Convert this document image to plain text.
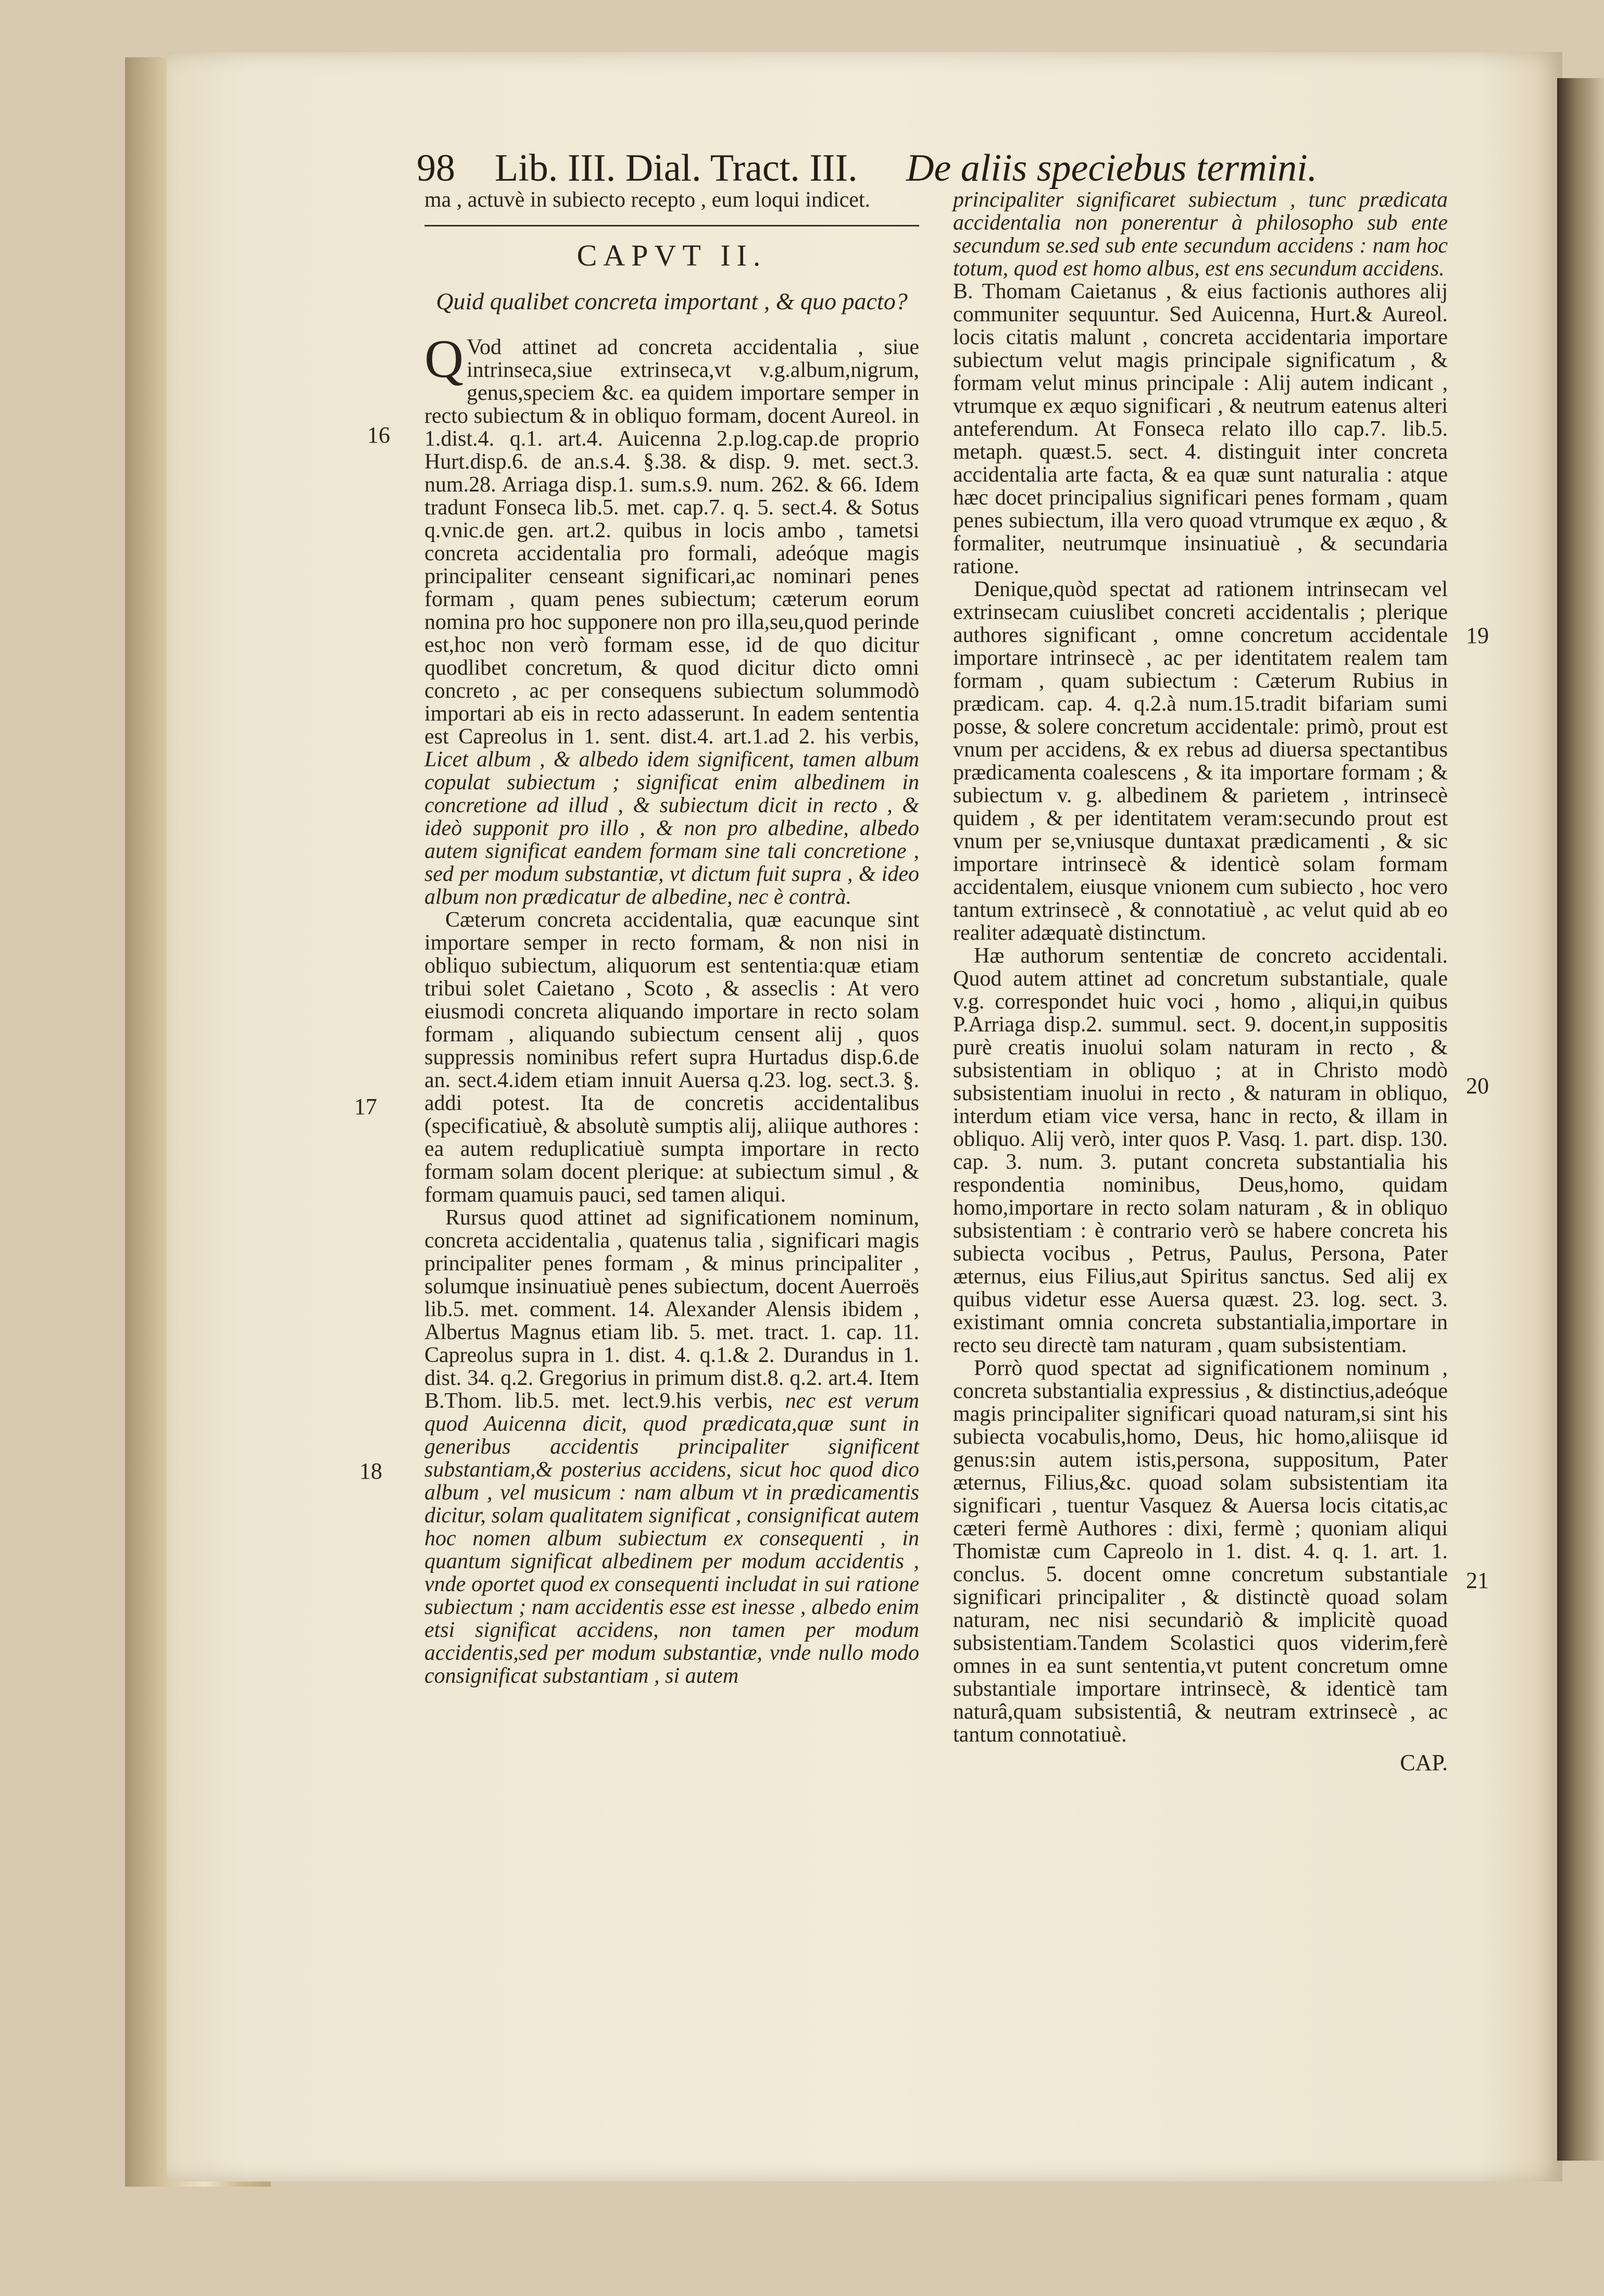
98 Lib. III. Dial. Tract. III. De aliis speciebus termini.

ma , actuvè in subiecto recepto , eum loqui indicet.

CAPVT II.
Quid qualibet concreta important , & quo pacto?

Q Vod attinet ad concreta accidentalia , siue intrinseca,siue extrinseca,vt v.g.album,nigrum, genus,speciem &c. ea quidem importare semper in recto subiectum & in obliquo formam, docent Aureol. in 1.dist.4. q.1. art.4. Auicenna 2.p.log.cap.de proprio Hurt.disp.6. de an.s.4. §.38. & disp. 9. met. sect.3. num.28. Arriaga disp.1. sum.s.9. num. 262. & 66. Idem tradunt Fonseca lib.5. met. cap.7. q. 5. sect.4. & Sotus q.vnic.de gen. art.2. quibus in locis ambo , tametsi concreta accidentalia pro formali, adeóque magis principaliter censeant significari,ac nominari penes formam , quam penes subiectum; cæterum eorum nomina pro hoc supponere non pro illa,seu,quod perinde est,hoc non verò formam esse, id de quo dicitur quodlibet concretum, & quod dicitur dicto omni concreto , ac per consequens subiectum solummodò importari ab eis in recto adasserunt. In eadem sententia est Capreolus in 1. sent. dist.4. art.1.ad 2. his verbis, Licet album , & albedo idem significent, tamen album copulat subiectum ; significat enim albedinem in concretione ad illud , & subiectum dicit in recto , & ideò supponit pro illo , & non pro albedine, albedo autem significat eandem formam sine tali concretione , sed per modum substantiæ, vt dictum fuit supra , & ideo album non prædicatur de albedine, nec è contrà.

Cæterum concreta accidentalia, quæ eacunque sint importare semper in recto formam, & non nisi in obliquo subiectum, aliquorum est sententia:quæ etiam tribui solet Caietano , Scoto , & asseclis : At vero eiusmodi concreta aliquando importare in recto solam formam , aliquando subiectum censent alij , quos suppressis nominibus refert supra Hurtadus disp.6.de an. sect.4.idem etiam innuit Auersa q.23. log. sect.3. §. addi potest. Ita de concretis accidentalibus (specificatiuè, & absolutè sumptis alij, aliique authores : ea autem reduplicatiuè sumpta importare in recto formam solam docent plerique: at subiectum simul , & formam quamuis pauci, sed tamen aliqui.

Rursus quod attinet ad significationem nominum, concreta accidentalia , quatenus talia , significari magis principaliter penes formam , & minus principaliter , solumque insinuatiuè penes subiectum, docent Auerroës lib.5. met. comment. 14. Alexander Alensis ibidem , Albertus Magnus etiam lib. 5. met. tract. 1. cap. 11. Capreolus supra in 1. dist. 4. q.1.& 2. Durandus in 1. dist. 34. q.2. Gregorius in primum dist.8. q.2. art.4. Item B.Thom. lib.5. met. lect.9.his verbis, nec est verum quod Auicenna dicit, quod prædicata,quæ sunt in generibus accidentis principaliter significent substantiam,& posterius accidens, sicut hoc quod dico album , vel musicum : nam album vt in prædicamentis dicitur, solam qualitatem significat , consignificat autem hoc nomen album subiectum ex consequenti , in quantum significat albedinem per modum accidentis , vnde oportet quod ex consequenti includat in sui ratione subiectum ; nam accidentis esse est inesse , albedo enim etsi significat accidens, non tamen per modum accidentis,sed per modum substantiæ, vnde nullo modo consignificat substantiam , si autem

principaliter significaret subiectum , tunc prædicata accidentalia non ponerentur à philosopho sub ente secundum se.sed sub ente secundum accidens : nam hoc totum, quod est homo albus, est ens secundum accidens.

B. Thomam Caietanus , & eius factionis authores alij communiter sequuntur. Sed Auicenna, Hurt.& Aureol. locis citatis malunt , concreta accidentaria importare subiectum velut magis principale significatum , & formam velut minus principale : Alij autem indicant , vtrumque ex æquo significari , & neutrum eatenus alteri anteferendum. At Fonseca relato illo cap.7. lib.5. metaph. quæst.5. sect. 4. distinguit inter concreta accidentalia arte facta, & ea quæ sunt naturalia : atque hæc docet principalius significari penes formam , quam penes subiectum, illa vero quoad vtrumque ex æquo , & formaliter, neutrumque insinuatiuè , & secundaria ratione.

Denique,quòd spectat ad rationem intrinsecam vel extrinsecam cuiuslibet concreti accidentalis ; plerique authores significant , omne concretum accidentale importare intrinsecè , ac per identitatem realem tam formam , quam subiectum : Cæterum Rubius in prædicam. cap. 4. q.2.à num.15.tradit bifariam sumi posse, & solere concretum accidentale: primò, prout est vnum per accidens, & ex rebus ad diuersa spectantibus prædicamenta coalescens , & ita importare formam ; & subiectum v. g. albedinem & parietem , intrinsecè quidem , & per identitatem veram:secundo prout est vnum per se,vniusque duntaxat prædicamenti , & sic importare intrinsecè & identicè solam formam accidentalem, eiusque vnionem cum subiecto , hoc vero tantum extrinsecè , & connotatiuè , ac velut quid ab eo realiter adæquatè distinctum.

Hæ authorum sententiæ de concreto accidentali. Quod autem attinet ad concretum substantiale, quale v.g. correspondet huic voci , homo , aliqui,in quibus P.Arriaga disp.2. summul. sect. 9. docent,in suppositis purè creatis inuolui solam naturam in recto , & subsistentiam in obliquo ; at in Christo modò subsistentiam inuolui in recto , & naturam in obliquo, interdum etiam vice versa, hanc in recto, & illam in obliquo. Alij verò, inter quos P. Vasq. 1. part. disp. 130. cap. 3. num. 3. putant concreta substantialia his respondentia nominibus, Deus,homo, quidam homo,importare in recto solam naturam , & in obliquo subsistentiam : è contrario verò se habere concreta his subiecta vocibus , Petrus, Paulus, Persona, Pater æternus, eius Filius,aut Spiritus sanctus. Sed alij ex quibus videtur esse Auersa quæst. 23. log. sect. 3. existimant omnia concreta substantialia,importare in recto seu directè tam naturam , quam subsistentiam.

Porrò quod spectat ad significationem nominum , concreta substantialia expressius , & distinctius,adeóque magis principaliter significari quoad naturam,si sint his subiecta vocabulis,homo, Deus, hic homo,aliisque id genus:sin autem istis,persona, suppositum, Pater æternus, Filius,&c. quoad solam subsistentiam ita significari , tuentur Vasquez & Auersa locis citatis,ac cæteri fermè Authores : dixi, fermè ; quoniam aliqui Thomistæ cum Capreolo in 1. dist. 4. q. 1. art. 1. conclus. 5. docent omne concretum substantiale significari principaliter , & distinctè quoad solam naturam, nec nisi secundariò & implicitè quoad subsistentiam.Tandem Scolastici quos viderim,ferè omnes in ea sunt sententia,vt putent concretum omne substantiale importare intrinsecè, & identicè tam naturâ,quam subsistentiâ, & neutram extrinsecè , ac tantum connotatiuè.

CAP.
16
17
18
19
20
21
